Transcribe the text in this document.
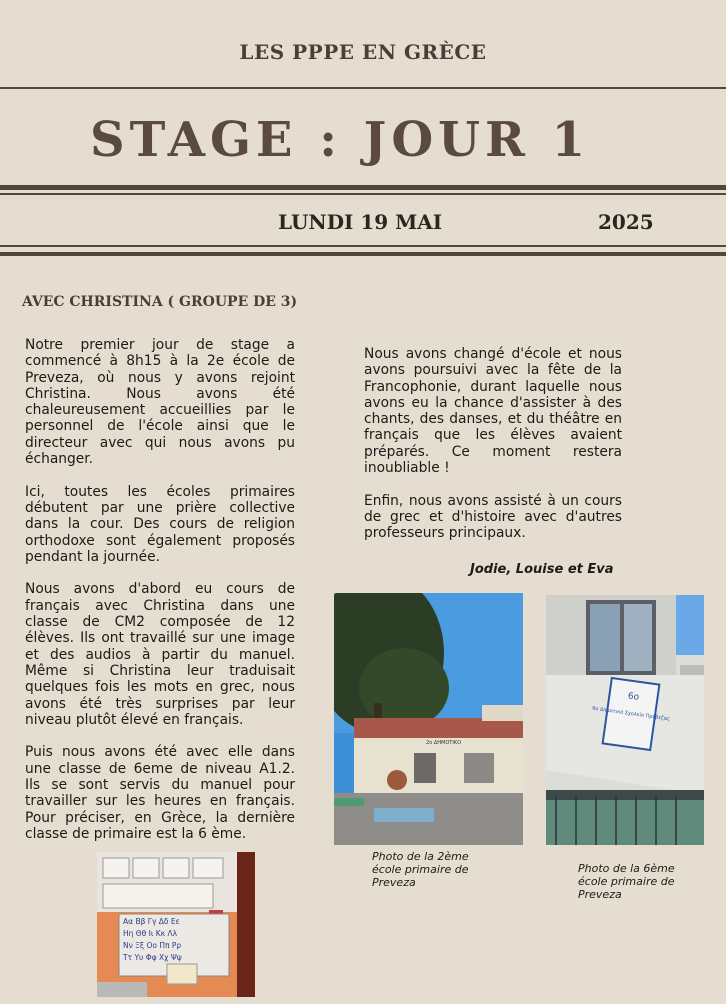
LES PPPE EN GRÈCE
STAGE : JOUR 1
LUNDI 19 MAI	2025
AVEC CHRISTINA ( GROUPE DE 3)

Notre premier jour de stage a commencé à 8h15 à la 2e école de Preveza, où nous y avons rejoint Christina. Nous avons été chaleureusement accueillies par le personnel de l'école ainsi que le directeur avec qui nous avons pu échanger.

Ici, toutes les écoles primaires débutent par une prière collective dans la cour. Des cours de religion orthodoxe sont également proposés pendant la journée.

Nous avons d'abord eu cours de français avec Christina dans une classe de CM2 composée de 12 élèves. Ils ont travaillé sur une image et des audios à partir du manuel. Même si Christina leur traduisait quelques fois les mots en grec, nous avons été très surprises par leur niveau plutôt élevé en français.

Puis nous avons été avec elle dans une classe de 6eme de niveau A1.2. Ils se sont servis du manuel pour travailler sur les heures en français. Pour préciser, en Grèce, la dernière classe de primaire est la 6 ème.

Nous avons changé d'école et nous avons poursuivi avec la fête de la Francophonie, durant laquelle nous avons eu la chance d'assister à des chants, des danses, et du théâtre en français que les élèves avaient préparés. Ce moment restera inoubliable !

Enfin, nous avons assisté à un cours de grec et d'histoire avec d'autres professeurs principaux.

Jodie, Louise et Eva
2ο ΔΗΜΟΤΙΚΟ
Photo de la 2ème école primaire de Preveza
6ο
6ο Δημοτικό Σχολείο Πρέβεζας
Photo de la 6ème école primaire de Preveza
Αα Ββ Γγ Δδ Εε
Ηη Θθ Ιι Κκ Λλ
Νν Ξξ Οο Ππ Ρρ
Ττ Υυ Φφ Χχ Ψψ
